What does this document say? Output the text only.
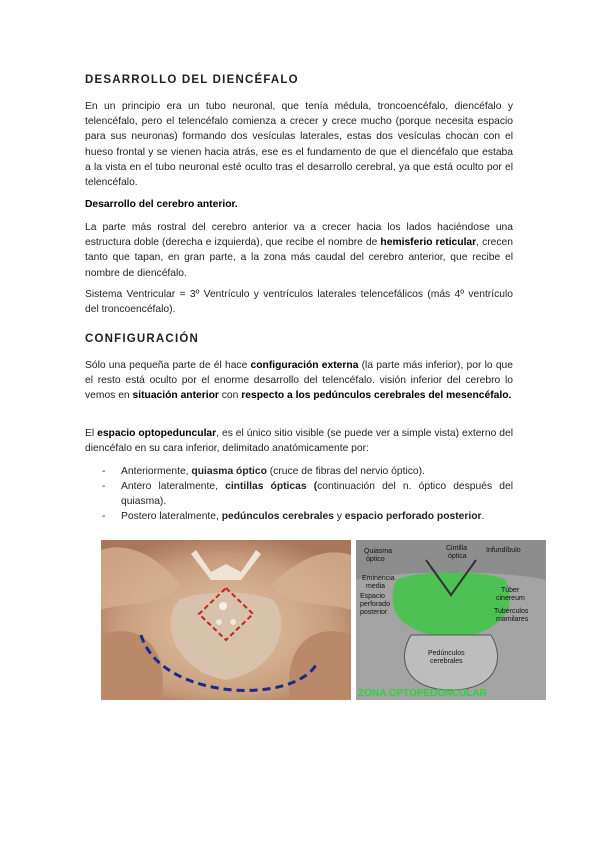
DESARROLLO DEL DIENCÉFALO

En un principio era un tubo neuronal, que tenía médula, troncoencéfalo, diencéfalo y telencéfalo, pero el telencéfalo comienza a crecer y crece mucho (porque necesita espacio para sus neuronas) formando dos vesículas laterales, estas dos vesículas chocan con el hueso frontal y se vienen hacia atrás, ese es el fundamento de que el diencéfalo que estaba a la vista en el tubo neuronal esté oculto tras el desarrollo cerebral, ya que está oculto por el telencéfalo.

Desarrollo del cerebro anterior.

La parte más rostral del cerebro anterior va a crecer hacia los lados haciéndose una estructura doble (derecha e izquierda), que recibe el nombre de hemisferio reticular, crecen tanto que tapan, en gran parte, a la zona más caudal del cerebro anterior, que recibe el nombre de diencéfalo.

Sistema Ventricular = 3º Ventrículo y ventrículos laterales telencefálicos (más 4º ventrículo del troncoencéfalo).

CONFIGURACIÓN

Sólo una pequeña parte de él hace configuración externa (la parte más inferior), por lo que el resto está oculto por el enorme desarrollo del telencéfalo. visión inferior del cerebro lo vemos en situación anterior con respecto a los pedúnculos cerebrales del mesencéfalo.

El espacio optopeduncular, es el único sitio visible (se puede ver a simple vista) externo del diencéfalo en su cara inferior, delimitado anatómicamente por:

- Anteriormente, quiasma óptico (cruce de fibras del nervio óptico).
- Antero lateralmente, cintillas ópticas (continuación del n. óptico después del quiasma).
- Postero lateralmente, pedúnculos cerebrales y espacio perforado posterior.
Quiasma
óptico
Cintilla
óptica
Infundíbulo
Eminencia
media
Espacio
perforado
posterior
Túber
cinereum
Tubérculos
mamilares
Pedúnculos
cerebrales
ZONA OPTOPEDUNCULAR
